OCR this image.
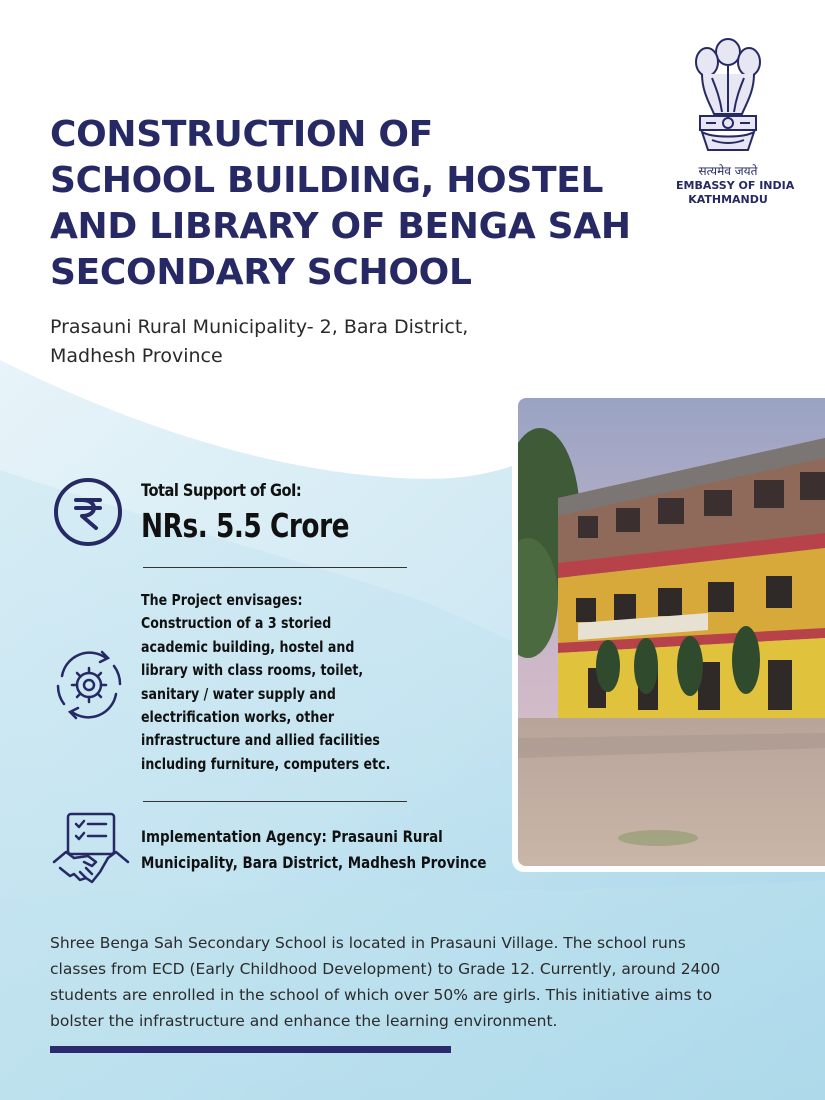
CONSTRUCTION OF
SCHOOL BUILDING, HOSTEL
AND LIBRARY OF BENGA SAH
SECONDARY SCHOOL
Prasauni Rural Municipality- 2, Bara District,
Madhesh Province
सत्यमेव जयते
EMBASSY OF INDIA
KATHMANDU
Total Support of GoI:
NRs. 5.5 Crore
The Project envisages:
Construction of a 3 storied
academic building, hostel and
library with class rooms, toilet,
sanitary / water supply and
electrification works, other
infrastructure and allied facilities
including furniture, computers etc.
Implementation Agency: Prasauni Rural
Municipality, Bara District, Madhesh Province
Shree Benga Sah Secondary School is located in Prasauni Village. The school runs
classes from ECD (Early Childhood Development) to Grade 12. Currently, around 2400
students are enrolled in the school of which over 50% are girls. This initiative aims to
bolster the infrastructure and enhance the learning environment.
